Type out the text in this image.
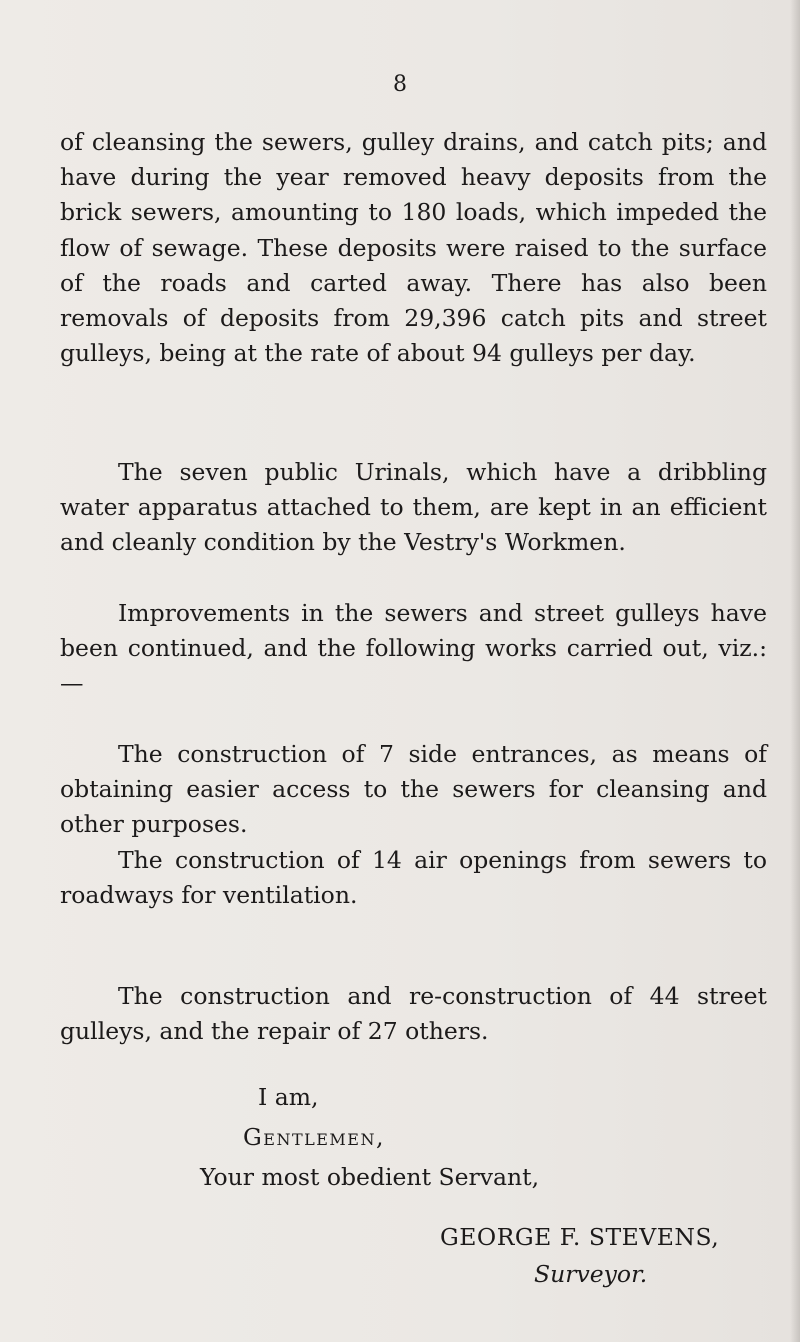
8

of cleansing the sewers, gulley drains, and catch pits; and have during the year removed heavy deposits from the brick sewers, amounting to 180 loads, which impeded the flow of sewage. These deposits were raised to the surface of the roads and carted away. There has also been removals of deposits from 29,396 catch pits and street gulleys, being at the rate of about 94 gulleys per day.

The seven public Urinals, which have a dribbling water apparatus attached to them, are kept in an efficient and cleanly condition by the Vestry's Workmen.

Improvements in the sewers and street gulleys have been continued, and the following works carried out, viz.:—

The construction of 7 side entrances, as means of obtaining easier access to the sewers for cleansing and other purposes.

The construction of 14 air openings from sewers to roadways for ventilation.

The construction and re-construction of 44 street gulleys, and the repair of 27 others.

I am,
Gentlemen,
Your most obedient Servant,
GEORGE F. STEVENS,
Surveyor.
